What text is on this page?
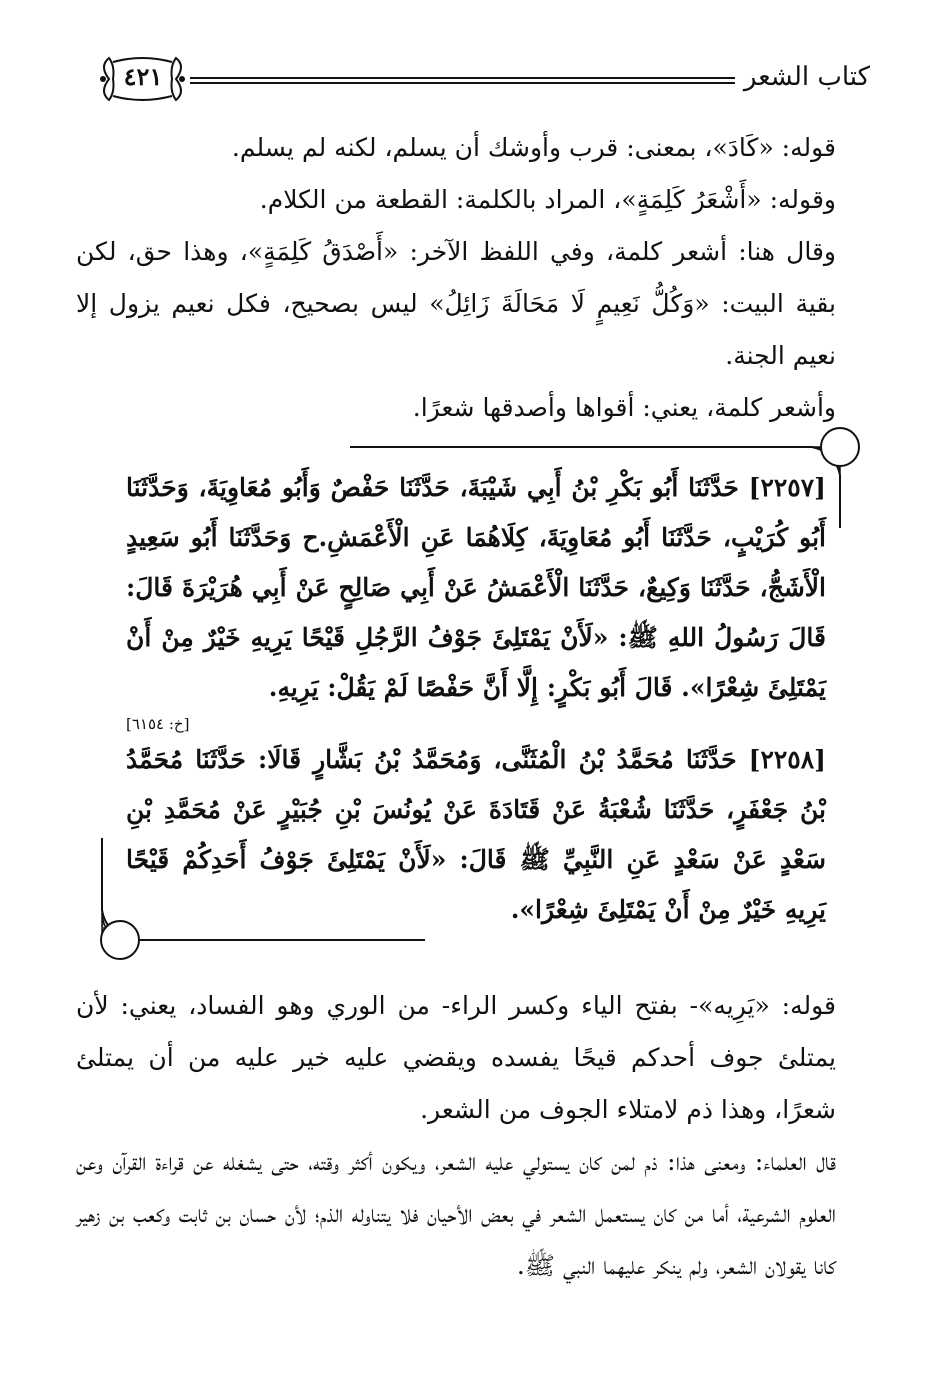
كتاب الشعر
٤٢١

قوله: «كَادَ»، بمعنى: قرب وأوشك أن يسلم، لكنه لم يسلم.

وقوله: «أَشْعَرُ كَلِمَةٍ»، المراد بالكلمة: القطعة من الكلام.

وقال هنا: أشعر كلمة، وفي اللفظ الآخر: «أَصْدَقُ كَلِمَةٍ»، وهذا حق، لكن بقية البيت: «وَكُلُّ نَعِيمٍ لَا مَحَالَةَ زَائِلُ» ليس بصحيح، فكل نعيم يزول إلا نعيم الجنة.

وأشعر كلمة، يعني: أقواها وأصدقها شعرًا.

[٢٢٥٧] حَدَّثَنَا أَبُو بَكْرِ بْنُ أَبِي شَيْبَةَ، حَدَّثَنَا حَفْصٌ وَأَبُو مُعَاوِيَةَ، وَحَدَّثَنَا أَبُو كُرَيْبٍ، حَدَّثَنَا أَبُو مُعَاوِيَةَ، كِلَاهُمَا عَنِ الْأَعْمَشِ.ح وَحَدَّثَنَا أَبُو سَعِيدٍ الْأَشَجُّ، حَدَّثَنَا وَكِيعٌ، حَدَّثَنَا الْأَعْمَشُ عَنْ أَبِي صَالِحٍ عَنْ أَبِي هُرَيْرَةَ قَالَ: قَالَ رَسُولُ اللهِ ﷺ: «لَأَنْ يَمْتَلِئَ جَوْفُ الرَّجُلِ قَيْحًا يَرِيهِ خَيْرٌ مِنْ أَنْ يَمْتَلِئَ شِعْرًا». قَالَ أَبُو بَكْرٍ: إِلَّا أَنَّ حَفْصًا لَمْ يَقُلْ: يَرِيهِ.

[خ: ٦١٥٤]

[٢٢٥٨] حَدَّثَنَا مُحَمَّدُ بْنُ الْمُثَنَّى، وَمُحَمَّدُ بْنُ بَشَّارٍ قَالَا: حَدَّثَنَا مُحَمَّدُ بْنُ جَعْفَرٍ، حَدَّثَنَا شُعْبَةُ عَنْ قَتَادَةَ عَنْ يُونُسَ بْنِ جُبَيْرٍ عَنْ مُحَمَّدِ بْنِ سَعْدٍ عَنْ سَعْدٍ عَنِ النَّبِيِّ ﷺ قَالَ: «لَأَنْ يَمْتَلِئَ جَوْفُ أَحَدِكُمْ قَيْحًا يَرِيهِ خَيْرٌ مِنْ أَنْ يَمْتَلِئَ شِعْرًا».

قوله: «يَرِيه»- بفتح الياء وكسر الراء- من الوري وهو الفساد، يعني: لأن يمتلئ جوف أحدكم قيحًا يفسده ويقضي عليه خير عليه من أن يمتلئ شعرًا، وهذا ذم لامتلاء الجوف من الشعر.

قال العلماء: ومعنى هذا: ذم لمن كان يستولي عليه الشعر، ويكون أكثر وقته، حتى يشغله عن قراءة القرآن وعن العلوم الشرعية، أما من كان يستعمل الشعر في بعض الأحيان فلا يتناوله الذم؛ لأن حسان بن ثابت وكعب بن زهير كانا يقولان الشعر، ولم ينكر عليهما النبي ﷺ.
